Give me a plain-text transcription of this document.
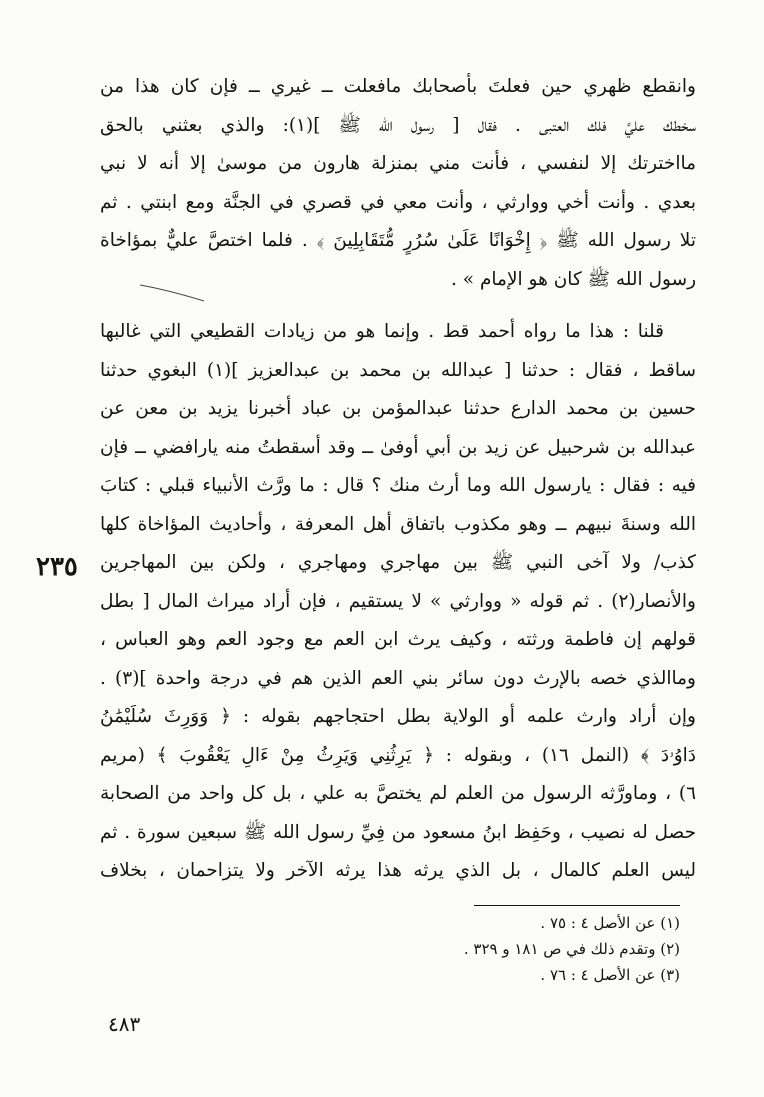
وانقطع ظهري حين فعلتَ بأصحابك مافعلت ــ غيري ــ فإن كان هذا من
سخطك عليَّ فلك العتبى . فقال [ رسول الله ﷺ ](١): والذي بعثني بالحق
مااخترتك إلا لنفسي ، فأنت مني بمنزلة هارون من موسىٰ إلا أنه لا نبي
بعدي . وأنت أخي ووارثي ، وأنت معي في قصري في الجنَّة ومع ابنتي . ثم
تلا رسول الله ﷺ ﴿ إِخْوَانًا عَلَىٰ سُرُرٍ مُّتَقَابِلِينَ ﴾ . فلما اختصَّ عليٌّ بمؤاخاة
رسول الله ﷺ كان هو الإمام » .
قلنا : هذا ما رواه أحمد قط . وإنما هو من زيادات القطيعي التي غالبها
ساقط ، فقال : حدثنا [ عبدالله بن محمد بن عبدالعزيز ](١) البغوي حدثنا
حسين بن محمد الدارع حدثنا عبدالمؤمن بن عباد أخبرنا يزيد بن معن عن
عبدالله بن شرحبيل عن زيد بن أبي أوفىٰ ــ وقد أسقطتُ منه يارافضي ــ فإن
فيه : فقال : يارسول الله وما أرث منك ؟ قال : ما ورَّث الأنبياء قبلي : كتابَ
الله وسنةَ نبيهم ــ وهو مكذوب باتفاق أهل المعرفة ، وأحاديث المؤاخاة كلها
كذب/ ولا آخى النبي ﷺ بين مهاجري ومهاجري ، ولكن بين المهاجرين
والأنصار(٢) . ثم قوله « ووارثي » لا يستقيم ، فإن أراد ميراث المال [ بطل
قولهم إن فاطمة ورثته ، وكيف يرث ابن العم مع وجود العم وهو العباس ،
وماالذي خصه بالإرث دون سائر بني العم الذين هم في درجة واحدة ](٣) .
وإن أراد وارث علمه أو الولاية بطل احتجاجهم بقوله : ﴿ وَوَرِثَ سُلَيْمَٰنُ
دَاوُۥدَ ﴾ (النمل ١٦) ، وبقوله : ﴿ يَرِثُنِي وَيَرِثُ مِنْ ءَالِ يَعْقُوبَ ﴾ (مريم
٦) ، وماورَّثه الرسول من العلم لم يختصَّ به علي ، بل كل واحد من الصحابة
حصل له نصيب ، وحَفِظ ابنُ مسعود من فِيِّ رسول الله ﷺ سبعين سورة . ثم
ليس العلم كالمال ، بل الذي يرثه هذا يرثه الآخر ولا يتزاحمان ، بخلاف
٢٣٥
(١) عن الأصل ٤ : ٧٥ .
(٢) وتقدم ذلك في ص ١٨١ و ٣٢٩ .
(٣) عن الأصل ٤ : ٧٦ .
٤٨٣
